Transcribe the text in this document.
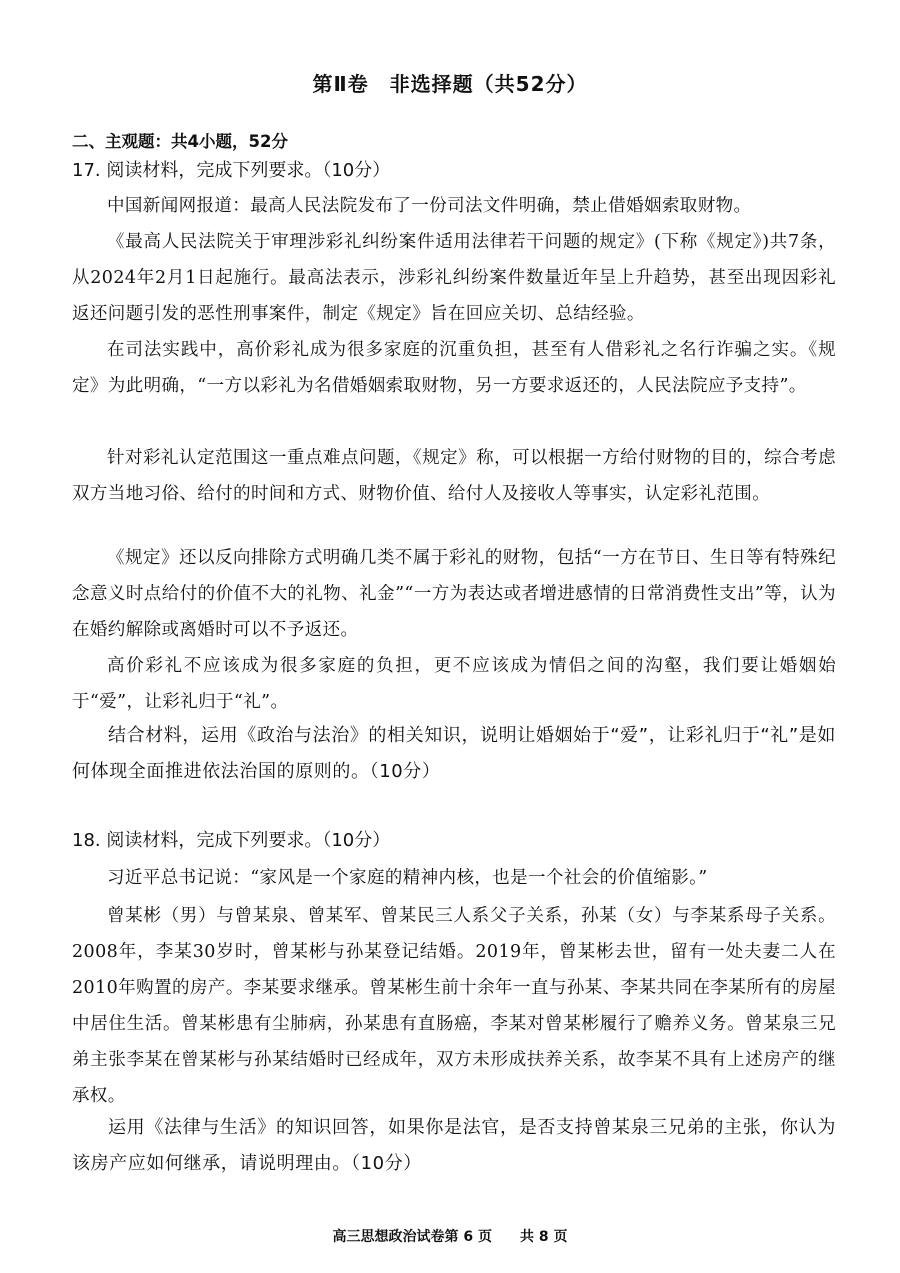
第Ⅱ卷　非选择题（共52分）
二、主观题：共4小题，52分
17. 阅读材料，完成下列要求。（10分）
中国新闻网报道：最高人民法院发布了一份司法文件明确，禁止借婚姻索取财物。
《最高人民法院关于审理涉彩礼纠纷案件适用法律若干问题的规定》(下称《规定》)共7条，从2024年2月1日起施行。最高法表示，涉彩礼纠纷案件数量近年呈上升趋势，甚至出现因彩礼返还问题引发的恶性刑事案件，制定《规定》旨在回应关切、总结经验。
在司法实践中，高价彩礼成为很多家庭的沉重负担，甚至有人借彩礼之名行诈骗之实。《规定》为此明确，“一方以彩礼为名借婚姻索取财物，另一方要求返还的，人民法院应予支持”。
针对彩礼认定范围这一重点难点问题，《规定》称，可以根据一方给付财物的目的，综合考虑双方当地习俗、给付的时间和方式、财物价值、给付人及接收人等事实，认定彩礼范围。
《规定》还以反向排除方式明确几类不属于彩礼的财物，包括“一方在节日、生日等有特殊纪念意义时点给付的价值不大的礼物、礼金”“一方为表达或者增进感情的日常消费性支出”等，认为在婚约解除或离婚时可以不予返还。
高价彩礼不应该成为很多家庭的负担，更不应该成为情侣之间的沟壑，我们要让婚姻始于“爱”，让彩礼归于“礼”。
结合材料，运用《政治与法治》的相关知识，说明让婚姻始于“爱”，让彩礼归于“礼”是如何体现全面推进依法治国的原则的。（10分）
18. 阅读材料，完成下列要求。（10分）
习近平总书记说：“家风是一个家庭的精神内核，也是一个社会的价值缩影。”
曾某彬（男）与曾某泉、曾某军、曾某民三人系父子关系，孙某（女）与李某系母子关系。2008年，李某30岁时，曾某彬与孙某登记结婚。2019年，曾某彬去世，留有一处夫妻二人在2010年购置的房产。李某要求继承。曾某彬生前十余年一直与孙某、李某共同在李某所有的房屋中居住生活。曾某彬患有尘肺病，孙某患有直肠癌，李某对曾某彬履行了赡养义务。曾某泉三兄弟主张李某在曾某彬与孙某结婚时已经成年，双方未形成扶养关系，故李某不具有上述房产的继承权。
运用《法律与生活》的知识回答，如果你是法官，是否支持曾某泉三兄弟的主张，你认为该房产应如何继承，请说明理由。（10分）
高三思想政治试卷第 6 页　　共 8 页
